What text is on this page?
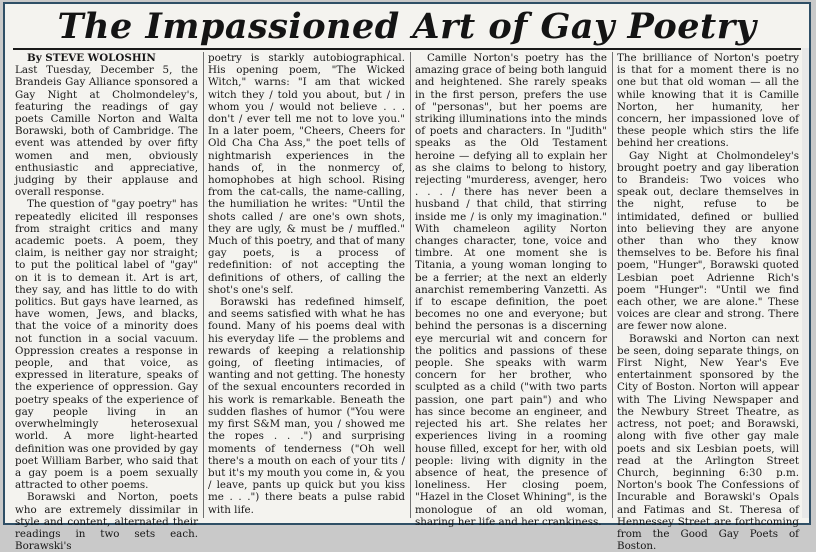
The Impassioned Art of Gay Poetry

By STEVE WOLOSHIN

Last Tuesday, December 5, the Brandeis Gay Alliance sponsored a Gay Night at Cholmondeley's, featuring the readings of gay poets Camille Norton and Walta Borawski, both of Cambridge. The event was attended by over fifty women and men, obviously enthusiastic and appreciative, judging by their applause and overall response.

The question of "gay poetry" has repeatedly elicited ill responses from straight critics and many academic poets. A poem, they claim, is neither gay nor straight; to put the political label of "gay" on it is to demean it. Art is art, they say, and has little to do with politics. But gays have learned, as have women, Jews, and blacks, that the voice of a minority does not function in a social vacuum. Oppression creates a response in people, and that voice, as expressed in literature, speaks of the experience of oppression. Gay poetry speaks of the experience of gay people living in an overwhelmingly heterosexual world. A more light-hearted definition was one provided by gay poet William Barber, who said that a gay poem is a poem sexually attracted to other poems.

Borawski and Norton, poets who are extremely dissimilar in style and content, alternated their readings in two sets each. Borawski's

poetry is starkly autobiographical. His opening poem, "The Wicked Witch," warns: "I am that wicked witch they / told you about, but / in whom you / would not believe . . . don't / ever tell me not to love you." In a later poem, "Cheers, Cheers for Old Cha Cha Ass," the poet tells of nightmarish experiences in the hands of, in the nonmercy of, homophobes at high school. Rising from the cat-calls, the name-calling, the humiliation he writes: "Until the shots called / are one's own shots, they are ugly, & must be / muffled." Much of this poetry, and that of many gay poets, is a process of redefinition: of not accepting the definitions of others, of calling the shot's one's self.

Borawski has redefined himself, and seems satisfied with what he has found. Many of his poems deal with his everyday life — the problems and rewards of keeping a relationship going, of fleeting intimacies, of wanting and not getting. The honesty of the sexual encounters recorded in his work is remarkable. Beneath the sudden flashes of humor ("You were my first S&M man, you / showed me the ropes . . .") and surprising moments of tenderness ("Oh well there's a mouth on each of your tits / but it's my mouth you come in, & you / leave, pants up quick but you kiss me . . .") there beats a pulse rabid with life.

Camille Norton's poetry has the amazing grace of being both languid and heightened. She rarely speaks in the first person, prefers the use of "personas", but her poems are striking illuminations into the minds of poets and characters. In "Judith" speaks as the Old Testament heroine — defying all to explain her as she claims to belong to history, rejecting "murderess, avenger, hero . . . / there has never been a husband / that child, that stirring inside me / is only my imagination." With chameleon agility Norton changes character, tone, voice and timbre. At one moment she is Titania, a young woman longing to be a ferrier; at the next an elderly anarchist remembering Vanzetti. As if to escape definition, the poet becomes no one and everyone; but behind the personas is a discerning eye mercurial wit and concern for the politics and passions of these people. She speaks with warm concern for her brother, who sculpted as a child ("with two parts passion, one part pain") and who has since become an engineer, and rejected his art. She relates her experiences living in a rooming house filled, except for her, with old people: living with dignity in the absence of heat, the presence of loneliness. Her closing poem, "Hazel in the Closet Whining", is the monologue of an old woman, sharing her life and her crankiness.

The brilliance of Norton's poetry is that for a moment there is no one but that old woman — all the while knowing that it is Camille Norton, her humanity, her concern, her impassioned love of these people which stirs the life behind her creations.

Gay Night at Cholmondeley's brought poetry and gay liberation to Brandeis: Two voices who speak out, declare themselves in the night, refuse to be intimidated, defined or bullied into believing they are anyone other than who they know themselves to be. Before his final poem, "Hunger", Borawski quoted Lesbian poet Adrienne Rich's poem "Hunger": "Until we find each other, we are alone." These voices are clear and strong. There are fewer now alone.

Borawski and Norton can next be seen, doing separate things, on First Night, New Year's Eve entertainment sponsored by the City of Boston. Norton will appear with The Living Newspaper and the Newbury Street Theatre, as actress, not poet; and Borawski, along with five other gay male poets and six Lesbian poets, will read at the Arlington Street Church, beginning 6:30 p.m. Norton's book The Confessions of Incurable and Borawski's Opals and Fatimas and St. Theresa of Hennessey Street are forthcoming from the Good Gay Poets of Boston.
